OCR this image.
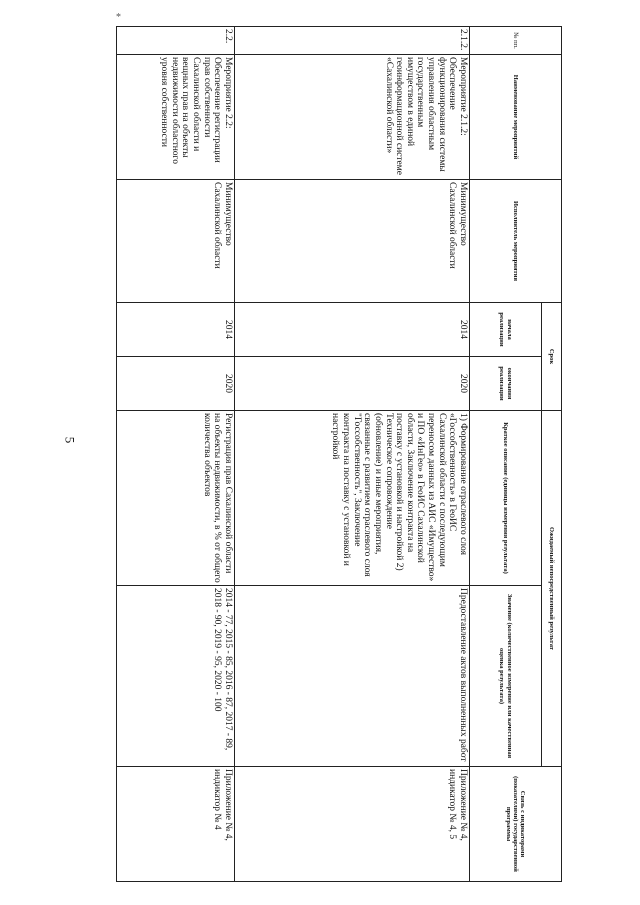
*
5
№ пп.	Наименование мероприятий	Исполнитель мероприятия	Срок		Ожидаемый непосредственный результат		Связь с индикаторами (показателями) государственной программы
			начала реализации	окончания реализации	Краткое описание (единицы измерения результата)	Значение (количественное измерение или качественная оценка результата)	
2.1.2.	Мероприятие 2.1.2: Обеспечение функционирования системы управления областным государственным имуществом в единой геоинформационной системе «Сахалинской области»	Минимущество Сахалинской области	2014	2020	1) Формирование отраслевого слоя «Госсобственность» в ГеоИС Сахалинской области с последующим переносом данных из АИС «Имущество» и ПО «ИнГео» в ГеоИС Сахалинской области, Заключение контракта на поставку с установкой и настройкой 2) Техническое сопровождение (обновление) и иные мероприятия, связанные с развитием отраслевого слоя "Госсобственность", Заключение контракта на поставку с установкой и настройкой	Предоставление актов выполненных работ	Приложение № 4, индикатор № 4, 5
2.2.	Мероприятие 2.2: Обеспечение регистрации прав собственности Сахалинской области и вещных прав на объекты недвижимости областного уровня собственности	Минимущество Сахалинской области	2014	2020	Регистрация прав Сахалинской области на объекты недвижимости, в % от общего количества объектов	2014 - 77, 2015 - 85, 2016 - 87, 2017 - 89, 2018 - 90, 2019 - 95, 2020 - 100	Приложение № 4, индикатор № 4
